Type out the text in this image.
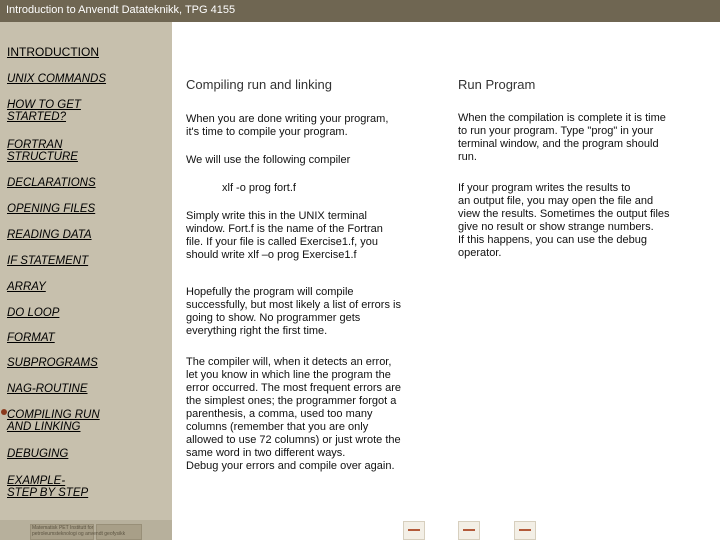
Introduction to Anvendt Datateknikk, TPG 4155
INTRODUCTION
UNIX COMMANDS
HOW TO GET
STARTED?
FORTRAN
STRUCTURE
DECLARATIONS
OPENING FILES
READING DATA
IF STATEMENT
ARRAY
DO LOOP
FORMAT
SUBPROGRAMS
NAG-ROUTINE
COMPILING RUN
AND LINKING
DEBUGING
EXAMPLE-
STEP BY STEP
Matematisk PET Institutt for petroleumsteknologi og anvendt geofysikk
Compiling run and linking
When you are done writing your program,
it's time to compile your program.
We will use the following compiler
xlf -o prog fort.f
Simply write this in the UNIX terminal
window. Fort.f is the name of the Fortran
file. If your file is called Exercise1.f, you
should write xlf –o prog Exercise1.f
Hopefully the program will compile
successfully, but most likely a list of errors is
going to show. No programmer gets
everything right the first time.
The compiler will, when it detects an error,
let you know in which line the program the
error occurred. The most frequent errors are
the simplest ones; the programmer forgot a
parenthesis, a comma, used too many
columns (remember that you are only
allowed to use 72 columns) or just wrote the
same word in two different ways.
Debug your errors and compile over again.
Run Program
When the compilation is complete it is time
to run your program. Type "prog" in your
terminal window, and the program should
run.
If your program writes the results to
an output file, you may open the file and
view the results. Sometimes the output files
give no result or show strange numbers.
If this happens, you can use the debug
operator.
